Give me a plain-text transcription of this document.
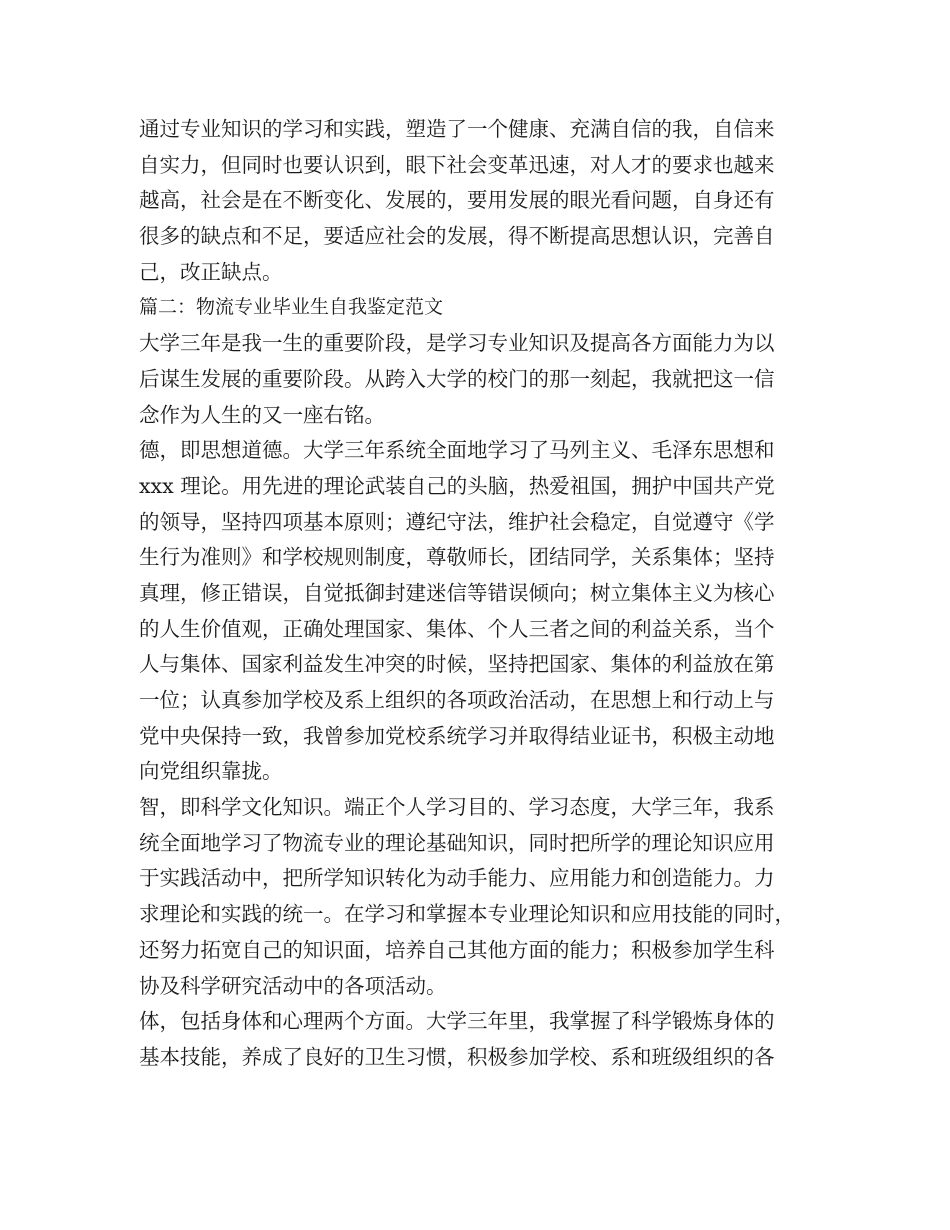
通过专业知识的学习和实践，塑造了一个健康、充满自信的我，自信来
自实力，但同时也要认识到，眼下社会变革迅速，对人才的要求也越来
越高，社会是在不断变化、发展的，要用发展的眼光看问题，自身还有
很多的缺点和不足，要适应社会的发展，得不断提高思想认识，完善自
己，改正缺点。
篇二：物流专业毕业生自我鉴定范文
大学三年是我一生的重要阶段，是学习专业知识及提高各方面能力为以
后谋生发展的重要阶段。从跨入大学的校门的那一刻起，我就把这一信
念作为人生的又一座右铭。
德，即思想道德。大学三年系统全面地学习了马列主义、毛泽东思想和
xxx 理论。用先进的理论武装自己的头脑，热爱祖国，拥护中国共产党
的领导，坚持四项基本原则；遵纪守法，维护社会稳定，自觉遵守《学
生行为准则》和学校规则制度，尊敬师长，团结同学，关系集体；坚持
真理，修正错误，自觉抵御封建迷信等错误倾向；树立集体主义为核心
的人生价值观，正确处理国家、集体、个人三者之间的利益关系，当个
人与集体、国家利益发生冲突的时候，坚持把国家、集体的利益放在第
一位；认真参加学校及系上组织的各项政治活动，在思想上和行动上与
党中央保持一致，我曾参加党校系统学习并取得结业证书，积极主动地
向党组织靠拢。
智，即科学文化知识。端正个人学习目的、学习态度，大学三年，我系
统全面地学习了物流专业的理论基础知识，同时把所学的理论知识应用
于实践活动中，把所学知识转化为动手能力、应用能力和创造能力。力
求理论和实践的统一。在学习和掌握本专业理论知识和应用技能的同时，
还努力拓宽自己的知识面，培养自己其他方面的能力；积极参加学生科
协及科学研究活动中的各项活动。
体，包括身体和心理两个方面。大学三年里，我掌握了科学锻炼身体的
基本技能，养成了良好的卫生习惯，积极参加学校、系和班级组织的各
